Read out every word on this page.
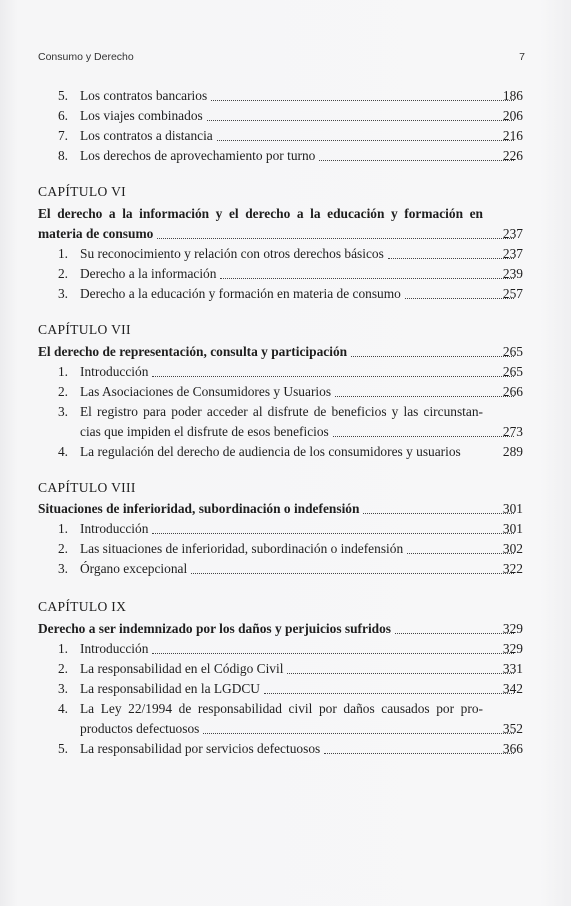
Consumo y Derecho	7
5. Los contratos bancarios	186
6. Los viajes combinados	206
7. Los contratos a distancia	216
8. Los derechos de aprovechamiento por turno	226
CAPÍTULO VI
El derecho a la información y el derecho a la educación y formación en
materia de consumo	237
1. Su reconocimiento y relación con otros derechos básicos	237
2. Derecho a la información	239
3. Derecho a la educación y formación en materia de consumo	257
CAPÍTULO VII
El derecho de representación, consulta y participación	265
1. Introducción	265
2. Las Asociaciones de Consumidores y Usuarios	266
3. El registro para poder acceder al disfrute de beneficios y las circunstan-
cias que impiden el disfrute de esos beneficios	273
4. La regulación del derecho de audiencia de los consumidores y usuarios	289
CAPÍTULO VIII
Situaciones de inferioridad, subordinación o indefensión	301
1. Introducción	301
2. Las situaciones de inferioridad, subordinación o indefensión	302
3. Órgano excepcional	322
CAPÍTULO IX
Derecho a ser indemnizado por los daños y perjuicios sufridos	329
1. Introducción	329
2. La responsabilidad en el Código Civil	331
3. La responsabilidad en la LGDCU	342
4. La Ley 22/1994 de responsabilidad civil por daños causados por pro-
productos defectuosos	352
5. La responsabilidad por servicios defectuosos	366
